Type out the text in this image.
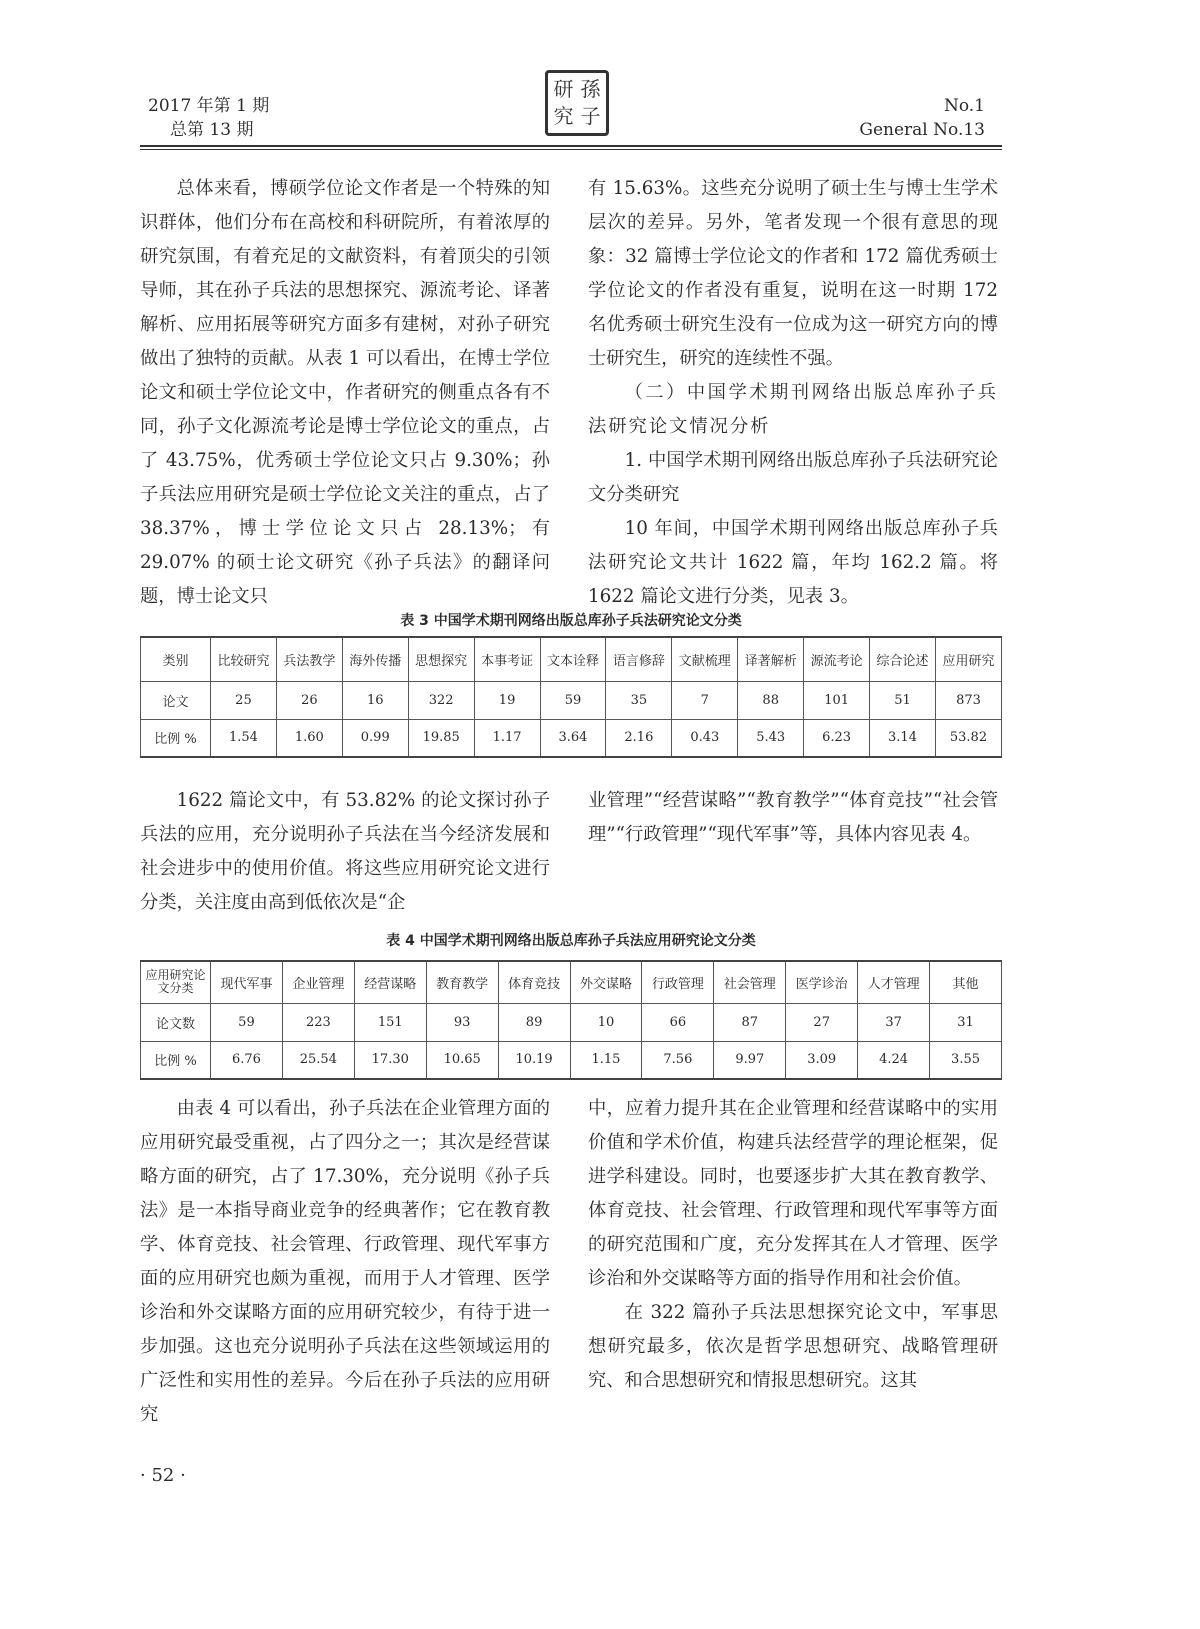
2017 年第 1 期
总第 13 期
研 孫
究 子	No.1
General No.13

总体来看，博硕学位论文作者是一个特殊的知识群体，他们分布在高校和科研院所，有着浓厚的研究氛围，有着充足的文献资料，有着顶尖的引领导师，其在孙子兵法的思想探究、源流考论、译著解析、应用拓展等研究方面多有建树，对孙子研究做出了独特的贡献。从表 1 可以看出，在博士学位论文和硕士学位论文中，作者研究的侧重点各有不同，孙子文化源流考论是博士学位论文的重点，占了 43.75%，优秀硕士学位论文只占 9.30%；孙子兵法应用研究是硕士学位论文关注的重点，占了 38.37%，博士学位论文只占 28.13%；有 29.07% 的硕士论文研究《孙子兵法》的翻译问题，博士论文只

有 15.63%。这些充分说明了硕士生与博士生学术层次的差异。另外，笔者发现一个很有意思的现象：32 篇博士学位论文的作者和 172 篇优秀硕士学位论文的作者没有重复，说明在这一时期 172 名优秀硕士研究生没有一位成为这一研究方向的博士研究生，研究的连续性不强。

（二）中国学术期刊网络出版总库孙子兵法研究论文情况分析

1. 中国学术期刊网络出版总库孙子兵法研究论文分类研究

10 年间，中国学术期刊网络出版总库孙子兵法研究论文共计 1622 篇，年均 162.2 篇。将 1622 篇论文进行分类，见表 3。

表 3 中国学术期刊网络出版总库孙子兵法研究论文分类
类别	比较研究	兵法教学	海外传播	思想探究	本事考证	文本诠释	语言修辞	文献梳理	译著解析	源流考论	综合论述	应用研究
论文	25	26	16	322	19	59	35	7	88	101	51	873
比例 %	1.54	1.60	0.99	19.85	1.17	3.64	2.16	0.43	5.43	6.23	3.14	53.82

1622 篇论文中，有 53.82% 的论文探讨孙子兵法的应用，充分说明孙子兵法在当今经济发展和社会进步中的使用价值。将这些应用研究论文进行分类，关注度由高到低依次是“企

业管理”“经营谋略”“教育教学”“体育竞技”“社会管理”“行政管理”“现代军事”等，具体内容见表 4。

表 4 中国学术期刊网络出版总库孙子兵法应用研究论文分类
应用研究论文分类	现代军事	企业管理	经营谋略	教育教学	体育竞技	外交谋略	行政管理	社会管理	医学诊治	人才管理	其他
论文数	59	223	151	93	89	10	66	87	27	37	31
比例 %	6.76	25.54	17.30	10.65	10.19	1.15	7.56	9.97	3.09	4.24	3.55

由表 4 可以看出，孙子兵法在企业管理方面的应用研究最受重视，占了四分之一；其次是经营谋略方面的研究，占了 17.30%，充分说明《孙子兵法》是一本指导商业竞争的经典著作；它在教育教学、体育竞技、社会管理、行政管理、现代军事方面的应用研究也颇为重视，而用于人才管理、医学诊治和外交谋略方面的应用研究较少，有待于进一步加强。这也充分说明孙子兵法在这些领域运用的广泛性和实用性的差异。今后在孙子兵法的应用研究

中，应着力提升其在企业管理和经营谋略中的实用价值和学术价值，构建兵法经营学的理论框架，促进学科建设。同时，也要逐步扩大其在教育教学、体育竞技、社会管理、行政管理和现代军事等方面的研究范围和广度，充分发挥其在人才管理、医学诊治和外交谋略等方面的指导作用和社会价值。

在 322 篇孙子兵法思想探究论文中，军事思想研究最多，依次是哲学思想研究、战略管理研究、和合思想研究和情报思想研究。这其

· 52 ·
